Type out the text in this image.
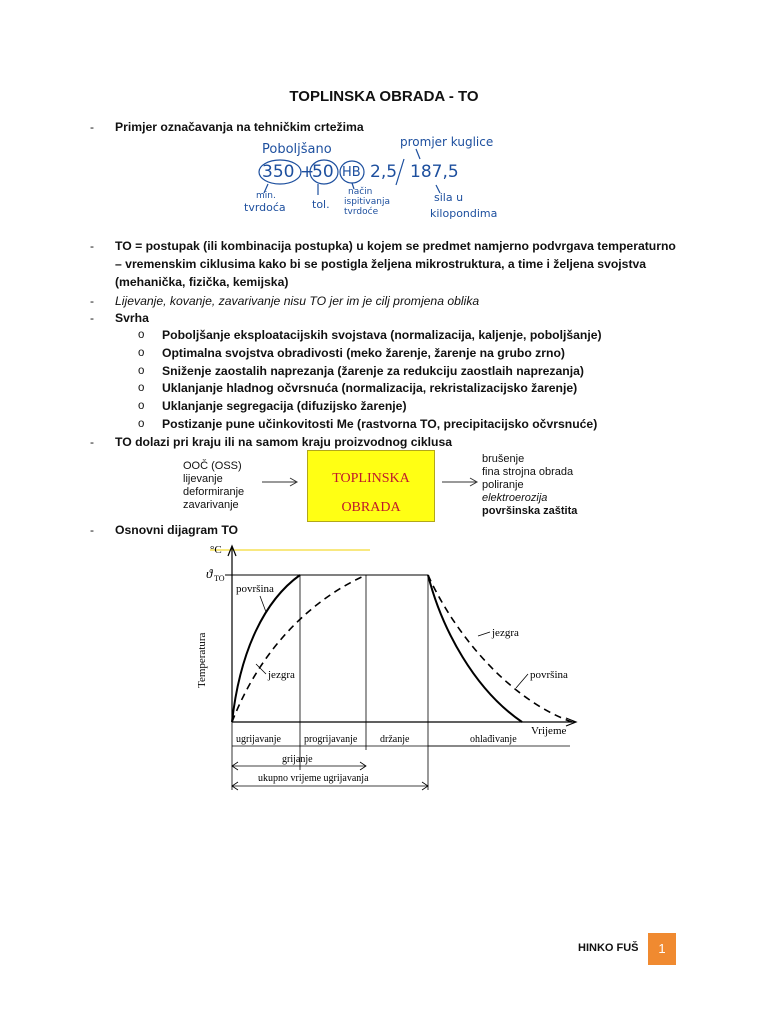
TOPLINSKA OBRADA - TO
- Primjer označavanja na tehničkim crtežima
promjer kuglice
Poboljšano
350 +
50 HB 2,5 187,5
min.
tvrdoća tol.
način
ispitivanja
tvrdoće
sila u
kilopondima
- TO = postupak (ili kombinacija postupka) u kojem se predmet namjerno podvrgava temperaturno
– vremenskim ciklusima kako bi se postigla željena mikrostruktura, a time i željena svojstva
(mehanička, fizička, kemijska)
- Lijevanje, kovanje, zavarivanje nisu TO jer im je cilj promjena oblika
- Svrha
o Poboljšanje eksploatacijskih svojstava (normalizacija, kaljenje, poboljšanje)
o Optimalna svojstva obradivosti (meko žarenje, žarenje na grubo zrno)
o Sniženje zaostalih naprezanja (žarenje za redukciju zaostlaih naprezanja)
o Uklanjanje hladnog očvrsnuća (normalizacija, rekristalizacijsko žarenje)
o Uklanjanje segregacija (difuzijsko žarenje)
o Postizanje pune učinkovitosti Me (rastvorna TO, precipitacijsko očvrsnuće)
- TO dolazi pri kraju ili na samom kraju proizvodnog ciklusa
OOČ (OSS)
lijevanje
deformiranje
zavarivanje
TOPLINSKA
OBRADA
brušenje
fina strojna obrada
poliranje
elektroerozija
površinska zaštita
- Osnovni dijagram TO
°C
ϑ TO
Temperatura
Vrijeme
površina
jezgra
jezgra
površina
ugrijavanje progrijavanje držanje	ohlađivanje
grijanje
ukupno vrijeme ugrijavanja
HINKO FUŠ	1
